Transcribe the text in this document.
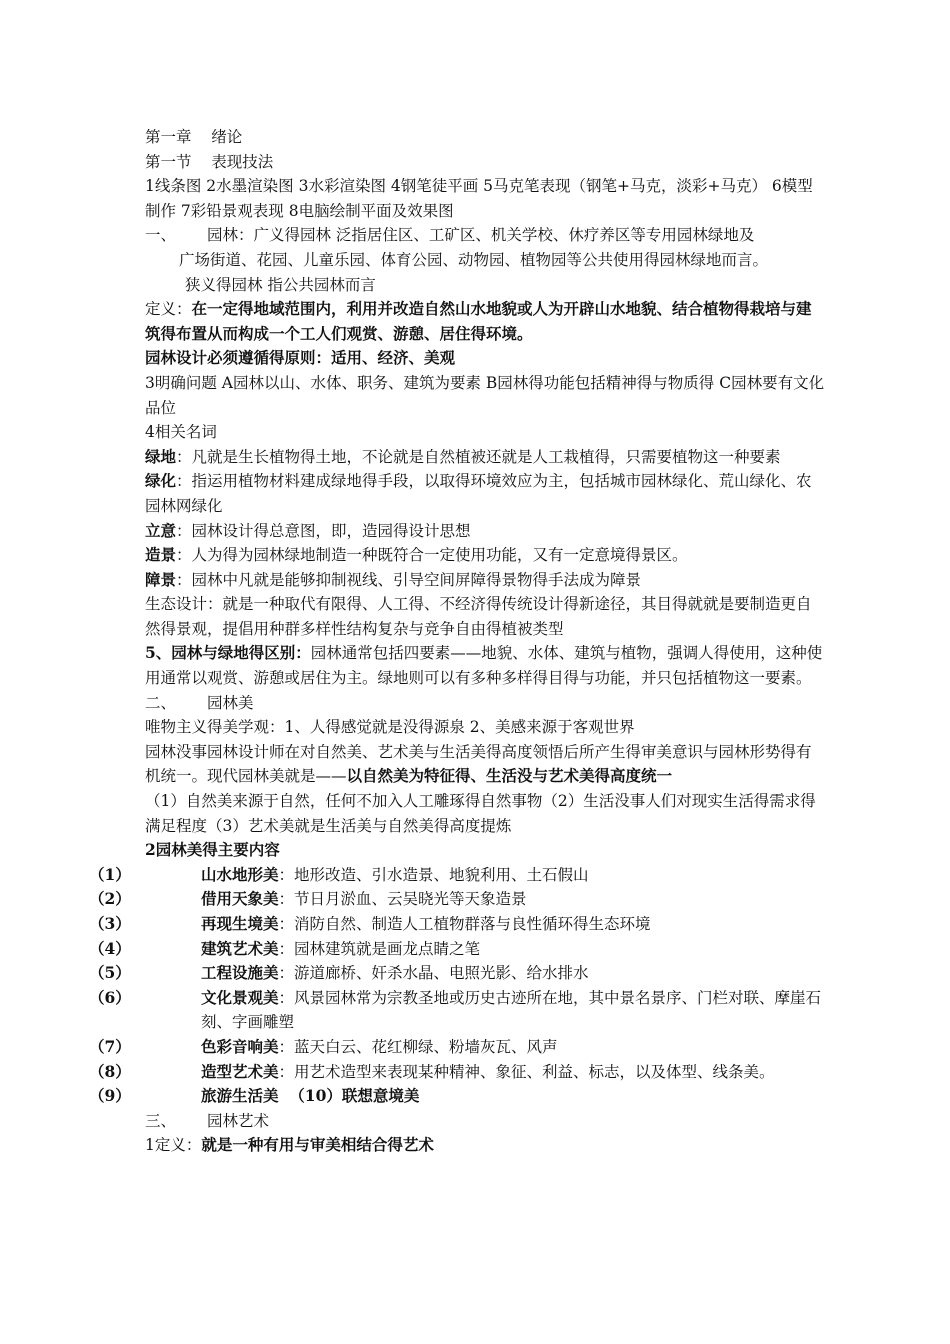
第一章 绪论
第一节 表现技法
1线条图 2水墨渲染图 3水彩渲染图 4钢笔徒平画 5马克笔表现（钢笔+马克，淡彩+马克） 6模型制作 7彩铅景观表现 8电脑绘制平面及效果图
一、 园林：广义得园林 泛指居住区、工矿区、机关学校、休疗养区等专用园林绿地及
广场街道、花园、儿童乐园、体育公园、动物园、植物园等公共使用得园林绿地而言。
狭义得园林 指公共园林而言
定义：在一定得地域范围内，利用并改造自然山水地貌或人为开辟山水地貌、结合植物得栽培与建筑得布置从而构成一个工人们观赏、游憩、居住得环境。
园林设计必须遵循得原则：适用、经济、美观
3明确问题 A园林以山、水体、职务、建筑为要素 B园林得功能包括精神得与物质得 C园林要有文化品位
4相关名词
绿地：凡就是生长植物得土地，不论就是自然植被还就是人工栽植得，只需要植物这一种要素
绿化：指运用植物材料建成绿地得手段，以取得环境效应为主，包括城市园林绿化、荒山绿化、农园林网绿化
立意：园林设计得总意图，即，造园得设计思想
造景：人为得为园林绿地制造一种既符合一定使用功能，又有一定意境得景区。
障景：园林中凡就是能够抑制视线、引导空间屏障得景物得手法成为障景
生态设计：就是一种取代有限得、人工得、不经济得传统设计得新途径，其目得就就是要制造更自然得景观，提倡用种群多样性结构复杂与竞争自由得植被类型
5、园林与绿地得区别：园林通常包括四要素——地貌、水体、建筑与植物，强调人得使用，这种使用通常以观赏、游憩或居住为主。绿地则可以有多种多样得目得与功能，并只包括植物这一要素。
二、 园林美
唯物主义得美学观：1、人得感觉就是没得源泉 2、美感来源于客观世界
园林没事园林设计师在对自然美、艺术美与生活美得高度领悟后所产生得审美意识与园林形势得有机统一。现代园林美就是——以自然美为特征得、生活没与艺术美得高度统一
（1）自然美来源于自然，任何不加入人工雕琢得自然事物（2）生活没事人们对现实生活得需求得满足程度（3）艺术美就是生活美与自然美得高度提炼
2园林美得主要内容
（1）	山水地形美：地形改造、引水造景、地貌利用、土石假山
（2）	借用天象美：节日月淤血、云吴晓光等天象造景
（3）	再现生境美：消防自然、制造人工植物群落与良性循环得生态环境
（4）	建筑艺术美：园林建筑就是画龙点睛之笔
（5）	工程设施美：游道廊桥、奸杀水晶、电照光影、给水排水
（6）	文化景观美：风景园林常为宗教圣地或历史古迹所在地，其中景名景序、门栏对联、摩崖石刻、字画雕塑
（7）	色彩音响美：蓝天白云、花红柳绿、粉墙灰瓦、风声
（8）	造型艺术美：用艺术造型来表现某种精神、象征、利益、标志，以及体型、线条美。
（9）	旅游生活美  （10）联想意境美
三、 园林艺术
1定义：就是一种有用与审美相结合得艺术
